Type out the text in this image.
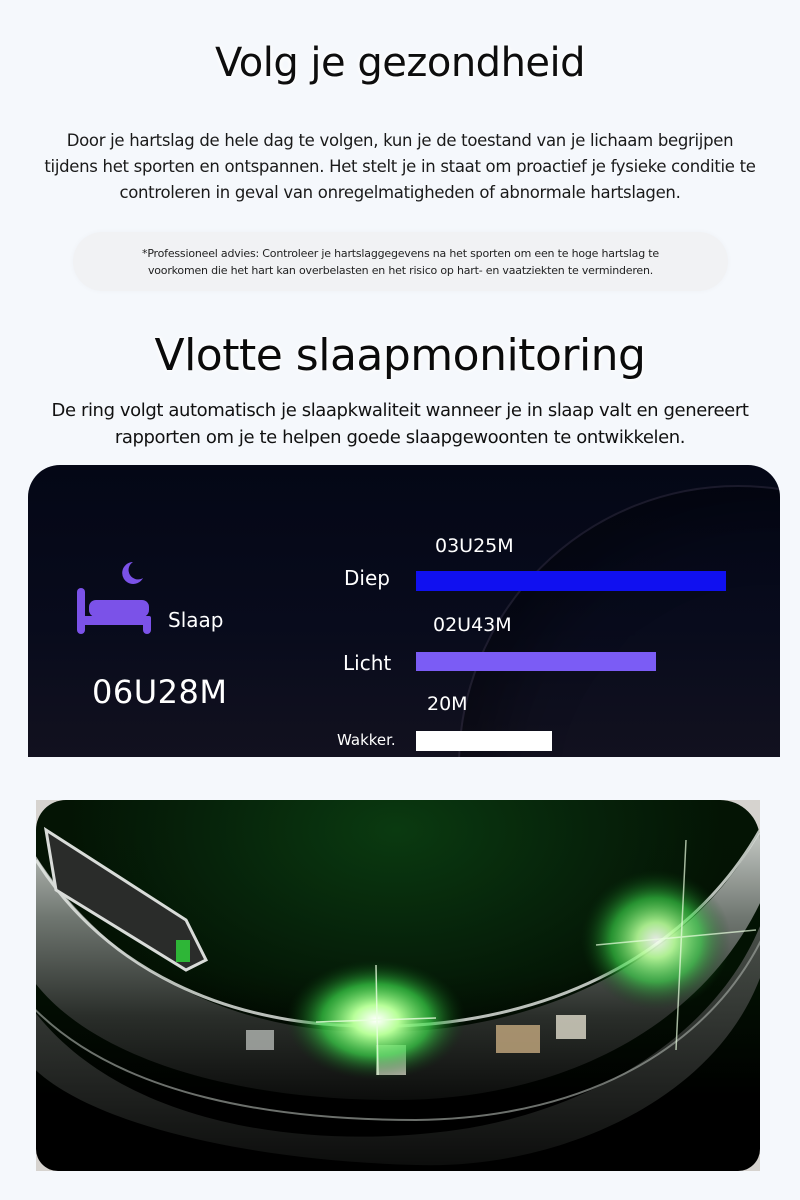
Volg je gezondheid

Door je hartslag de hele dag te volgen, kun je de toestand van je lichaam begrijpen tijdens het sporten en ontspannen. Het stelt je in staat om proactief je fysieke conditie te controleren in geval van onregelmatigheden of abnormale hartslagen.

*Professioneel advies: Controleer je hartslaggegevens na het sporten om een te hoge hartslag te voorkomen die het hart kan overbelasten en het risico op hart- en vaatziekten te verminderen.
Vlotte slaapmonitoring

De ring volgt automatisch je slaapkwaliteit wanneer je in slaap valt en genereert rapporten om je te helpen goede slaapgewoonten te ontwikkelen.

Slaap
06U28M
03U25M
Diep
02U43M
Licht
20M
Wakker.
